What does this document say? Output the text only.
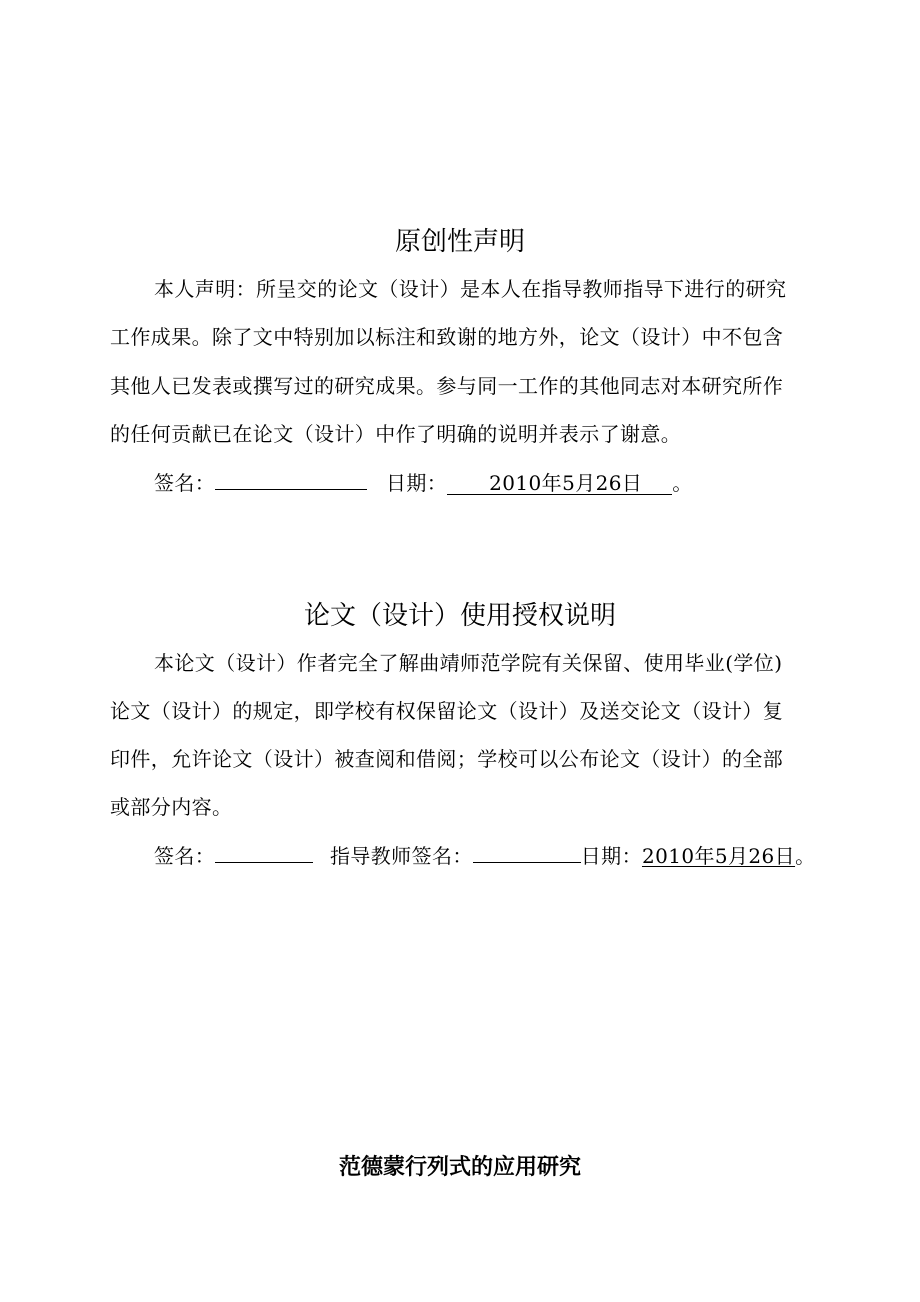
原创性声明
本人声明：所呈交的论文（设计）是本人在指导教师指导下进行的研究
工作成果。除了文中特别加以标注和致谢的地方外，论文（设计）中不包含
其他人已发表或撰写过的研究成果。参与同一工作的其他同志对本研究所作
的任何贡献已在论文（设计）中作了明确的说明并表示了谢意。
签名：	日期： 2010年5月26日 。
论文（设计）使用授权说明
本论文（设计）作者完全了解曲靖师范学院有关保留、使用毕业(学位)
论文（设计）的规定，即学校有权保留论文（设计）及送交论文（设计）复
印件，允许论文（设计）被查阅和借阅；学校可以公布论文（设计）的全部
或部分内容。
签名：	指导教师签名：	日期：2010年5月26日。
范德蒙行列式的应用研究
